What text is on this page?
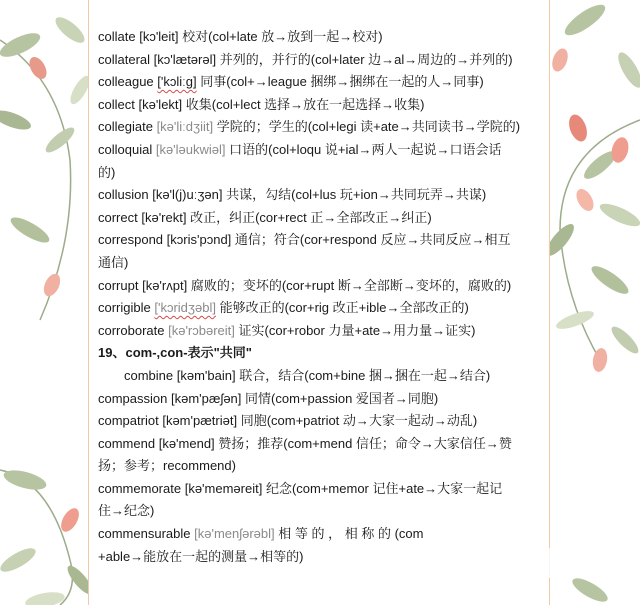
collate [kɔ'leit] 校对(col+late 放→放到一起→校对)
collateral [kɔ'lætərəl] 并列的，并行的(col+later 边→al→周边的→并列的)
colleague ['kɔliːg] 同事(col+→league 捆绑→捆绑在一起的人→同事)
collect [kə'lekt] 收集(col+lect 选择→放在一起选择→收集)
collegiate [kə'liːdʒiit] 学院的；学生的(col+legi 读+ate→共同读书→学院的)
colloquial [kə'ləukwiəl] 口语的(col+loqu 说+ial→两人一起说→口语会话
的)
collusion [kə'l(j)uːʒən] 共谋，勾结(col+lus 玩+ion→共同玩弄→共谋)
correct [kə'rekt] 改正，纠正(cor+rect 正→全部改正→纠正)
correspond [kɔris'pɔnd] 通信；符合(cor+respond 反应→共同反应→相互
通信)
corrupt [kə'rʌpt] 腐败的；变坏的(cor+rupt 断→全部断→变坏的，腐败的)
corrigible ['kɔridʒəbl] 能够改正的(cor+rig 改正+ible→全部改正的)
corroborate [kə'rɔbəreit] 证实(cor+robor 力量+ate→用力量→证实)
19、com-,con-表示"共同"
combine [kəm'bain] 联合，结合(com+bine 捆→捆在一起→结合)
compassion [kəm'pæʃən] 同情(com+passion 爱国者→同胞)
compatriot [kəm'pætriət] 同胞(com+patriot 动→大家一起动→动乱)
commend [kə'mend] 赞扬；推荐(com+mend 信任；命令→大家信任→赞
扬；参考；recommend)
commemorate [kə'meməreit] 纪念(com+memor 记住+ate→大家一起记
住→纪念)
commensurable [kə'menʃərəbl] 相 等 的 ， 相 称 的 (com
+able→能放在一起的测量→相等的)
